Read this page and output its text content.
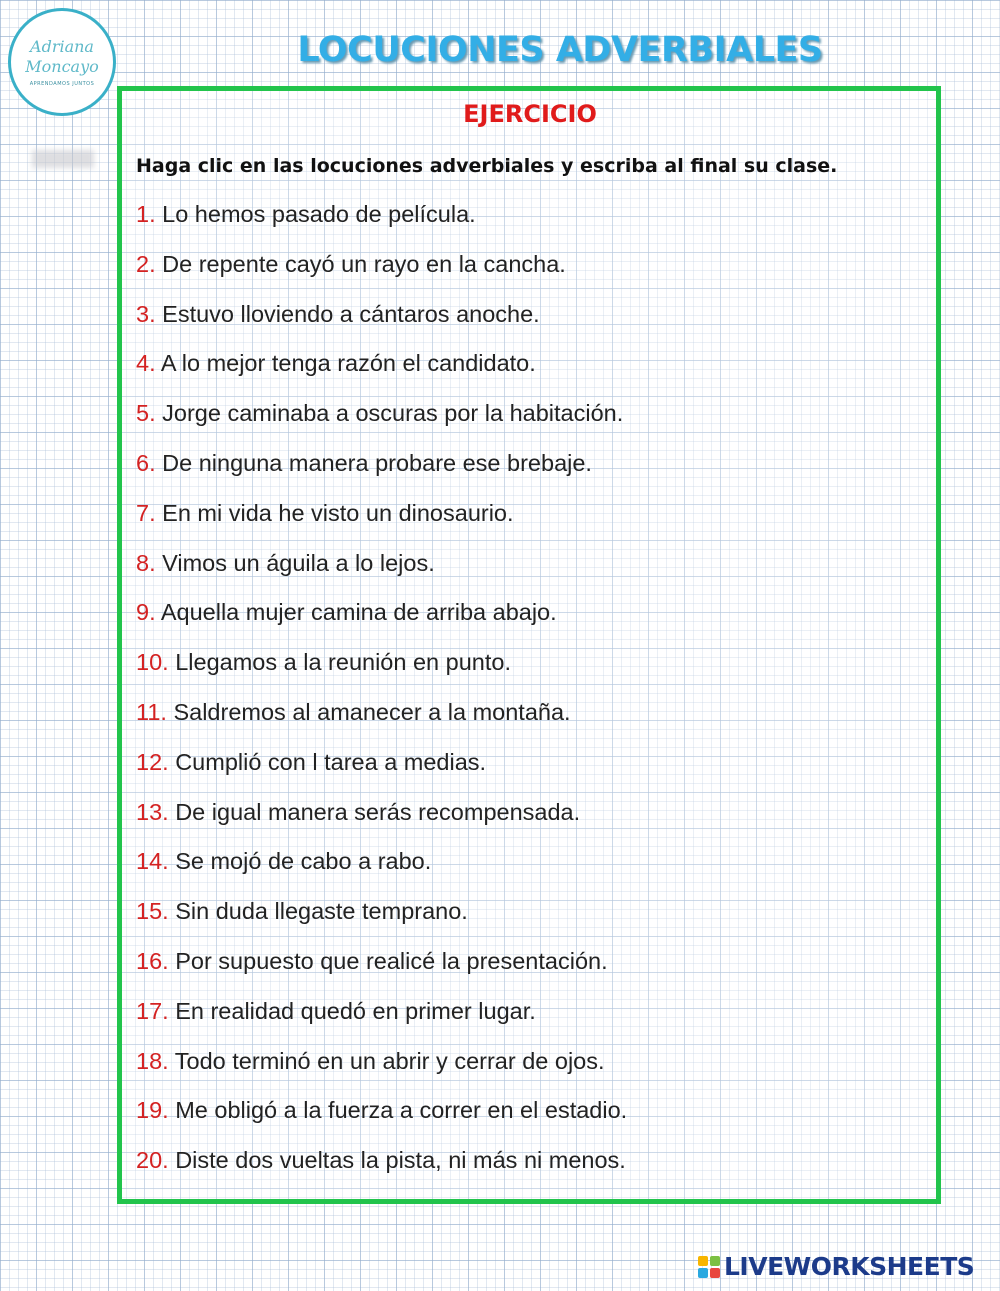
Adriana
Moncayo
APRENDAMOS JUNTOS
LOCUCIONES ADVERBIALES
EJERCICIO
Haga clic en las locuciones adverbiales y escriba al final su clase.
1. Lo hemos pasado de película.
2. De repente cayó un rayo en la cancha.
3. Estuvo lloviendo a cántaros anoche.
4. A lo mejor tenga razón el candidato.
5. Jorge caminaba a oscuras por la habitación.
6. De ninguna manera probare ese brebaje.
7. En mi vida he visto un dinosaurio.
8. Vimos un águila a lo lejos.
9. Aquella mujer camina de arriba abajo.
10. Llegamos a la reunión en punto.
11. Saldremos al amanecer a la montaña.
12. Cumplió con l tarea a medias.
13. De igual manera serás recompensada.
14. Se mojó de cabo a rabo.
15. Sin duda llegaste temprano.
16. Por supuesto que realicé la presentación.
17. En realidad quedó en primer lugar.
18. Todo terminó en un abrir y cerrar de ojos.
19. Me obligó a la fuerza a correr en el estadio.
20. Diste dos vueltas la pista, ni más ni menos.
LIVEWORKSHEETS
